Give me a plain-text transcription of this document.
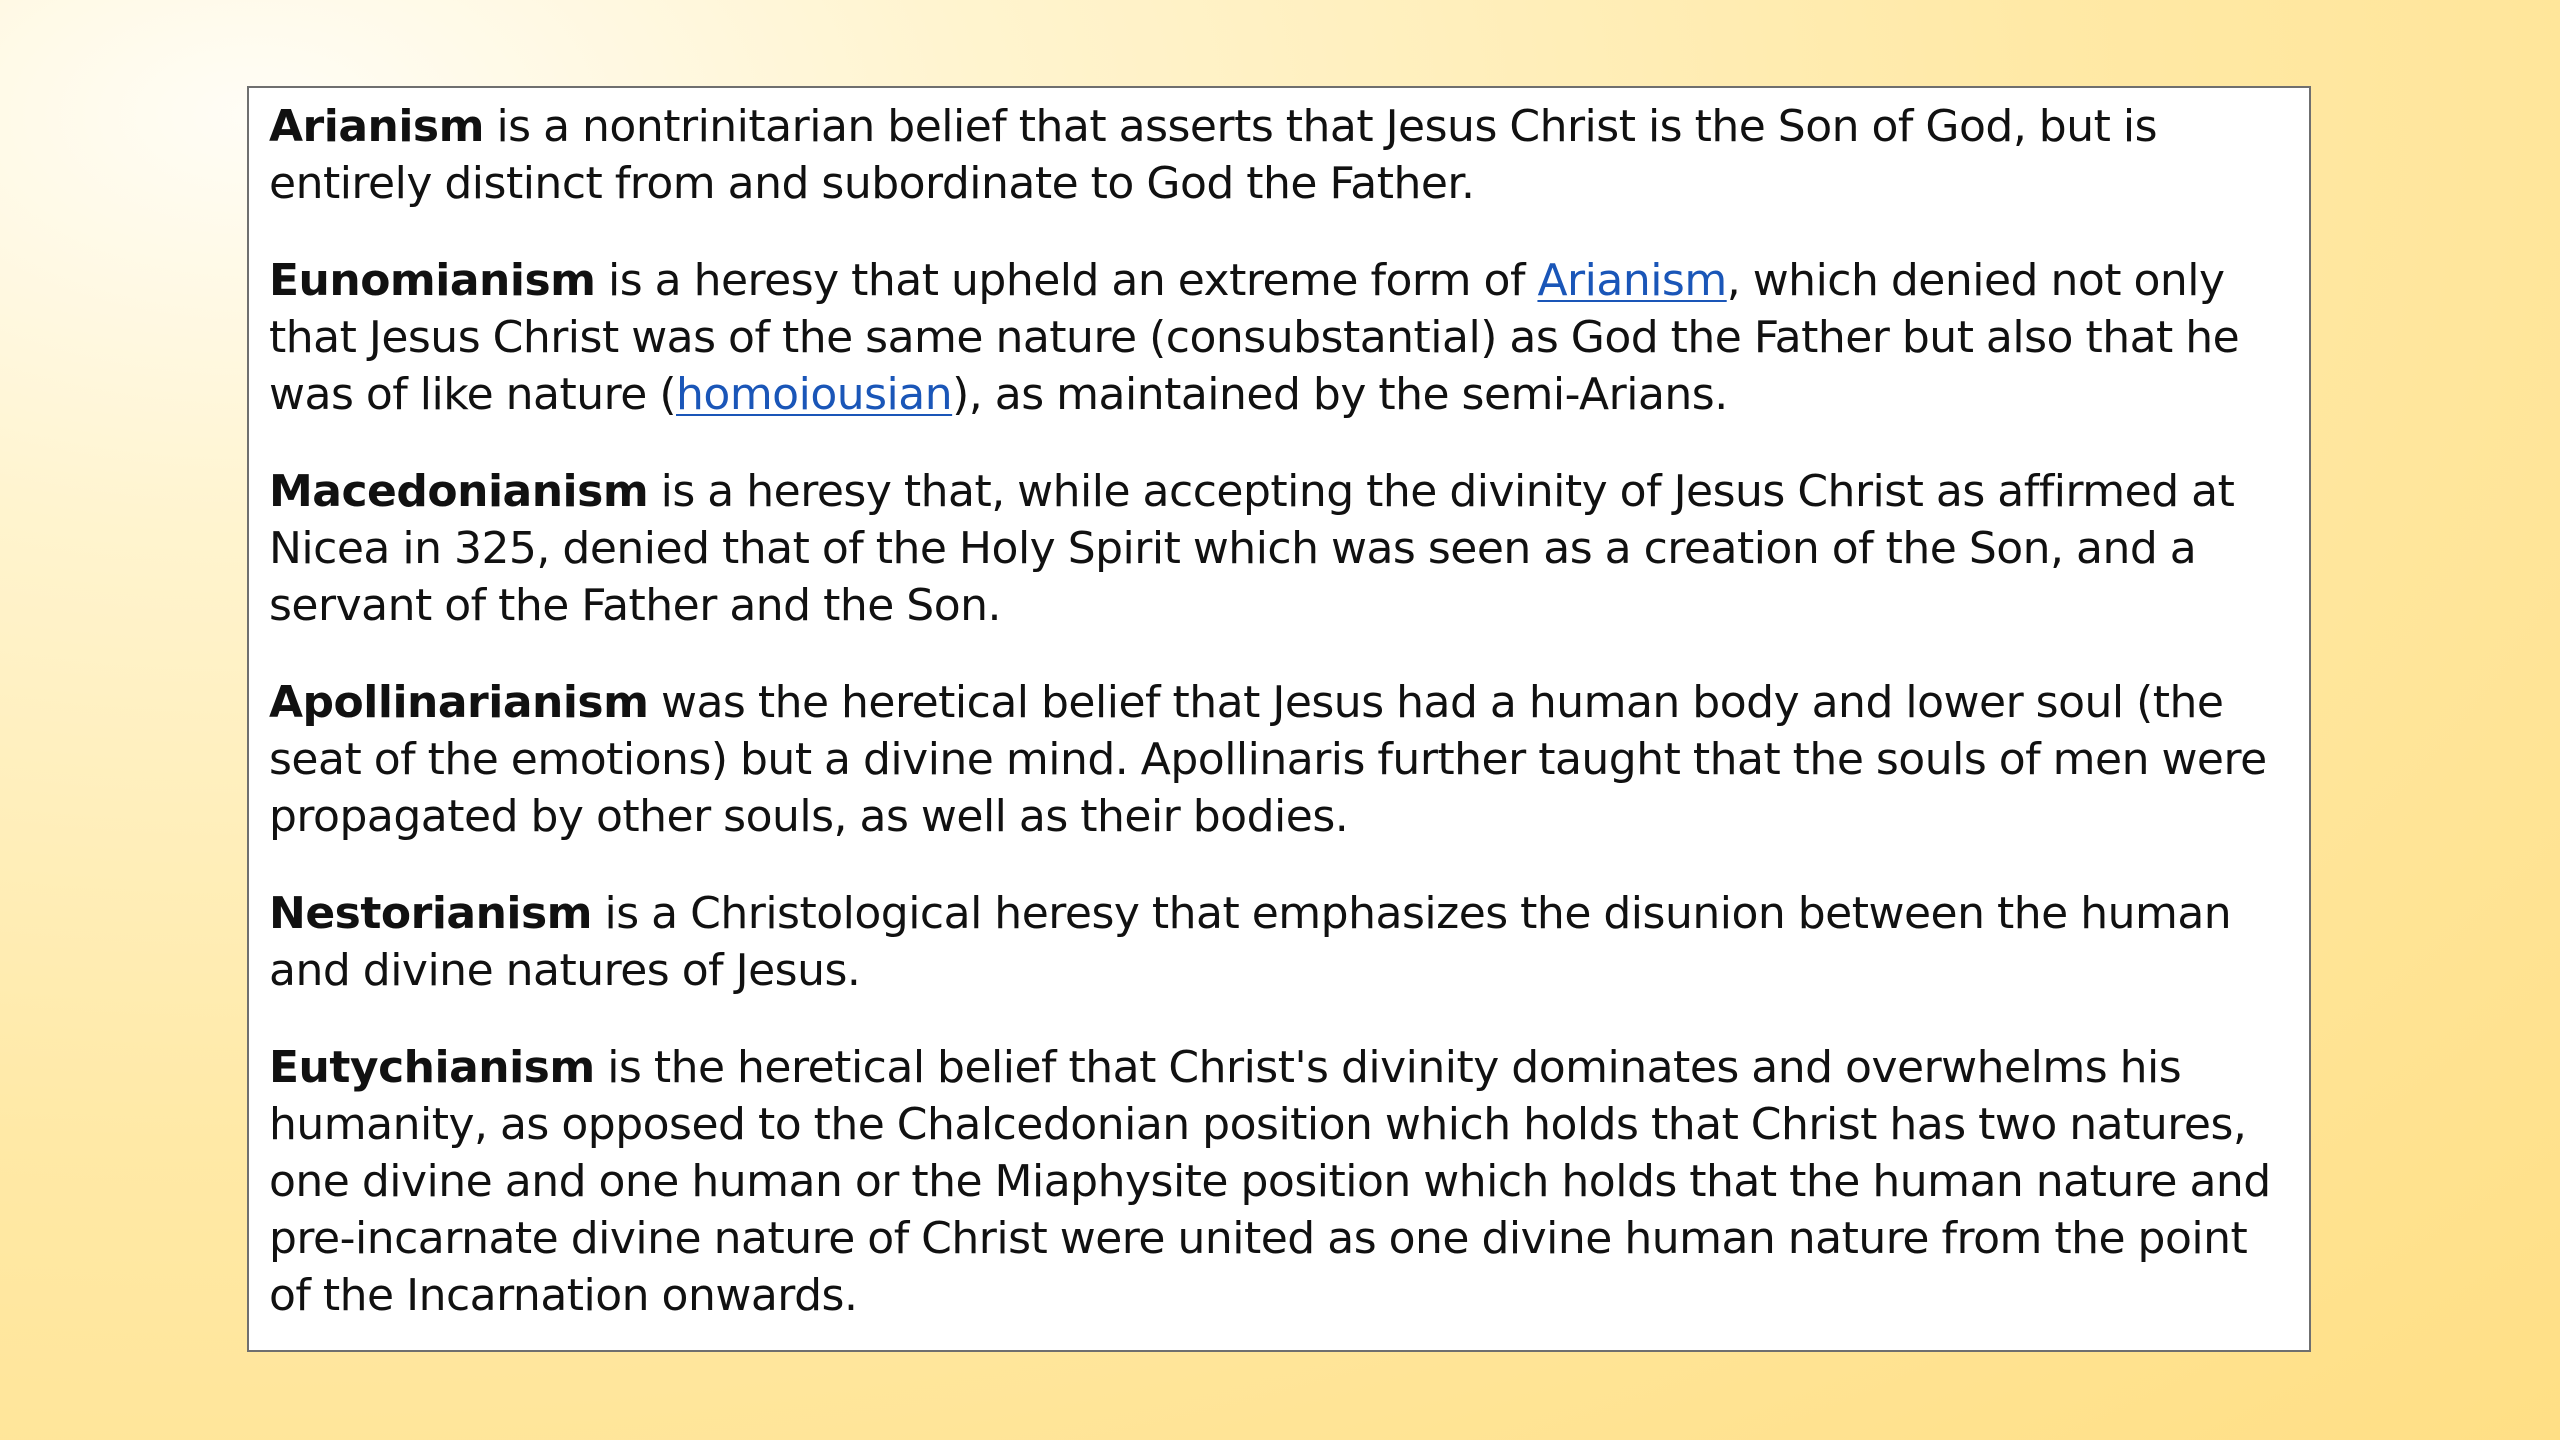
Arianism is a nontrinitarian belief that asserts that Jesus Christ is the Son of God, but is entirely distinct from and subordinate to God the Father.

Eunomianism is a heresy that upheld an extreme form of Arianism, which denied not only that Jesus Christ was of the same nature (consubstantial) as God the Father but also that he was of like nature (homoiousian), as maintained by the semi-Arians.

Macedonianism is a heresy that, while accepting the divinity of Jesus Christ as affirmed at Nicea in 325, denied that of the Holy Spirit which was seen as a creation of the Son, and a servant of the Father and the Son.

Apollinarianism was the heretical belief that Jesus had a human body and lower soul (the seat of the emotions) but a divine mind. Apollinaris further taught that the souls of men were propagated by other souls, as well as their bodies.

Nestorianism is a Christological heresy that emphasizes the disunion between the human and divine natures of Jesus.

Eutychianism is the heretical belief that Christ's divinity dominates and overwhelms his humanity, as opposed to the Chalcedonian position which holds that Christ has two natures, one divine and one human or the Miaphysite position which holds that the human nature and pre-incarnate divine nature of Christ were united as one divine human nature from the point of the Incarnation onwards.
